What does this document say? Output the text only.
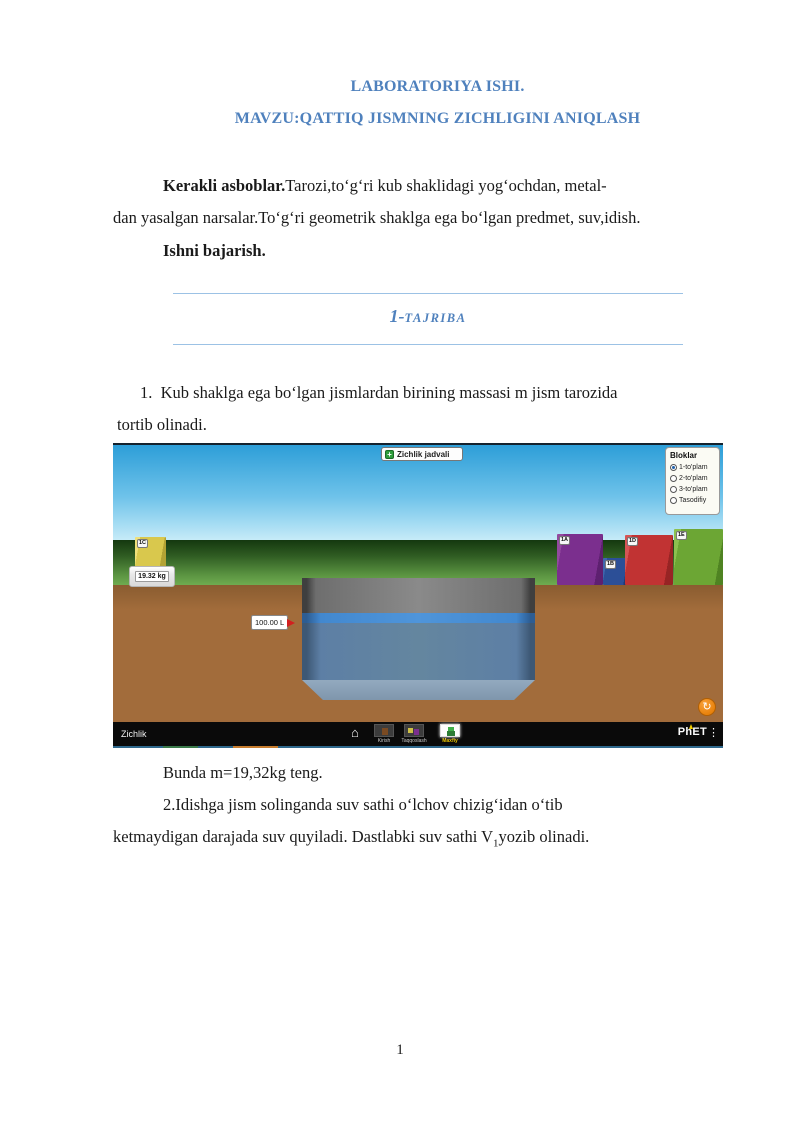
LABORATORIYA ISHI.
MAVZU:QATTIQ JISMNING ZICHLIGINI ANIQLASH
Kerakli asboblar.Tarozi,to‘g‘ri kub shaklidagi yog‘ochdan, metal-
dan yasalgan narsalar.To‘g‘ri geometrik shaklga ega bo‘lgan predmet, suv,idish.
Ishni bajarish.
1-TAJRIBA
1.  Kub shaklga ega bo‘lgan jismlardan birining massasi m jism tarozida
tortib olinadi.
+ Zichlik jadvali	Bloklar
1-to'plam
2-to'plam
3-to'plam
Tasodifiy
1C
19.32 kg
100.00 L
1A
1B
1D
1E
↻
Zichlik	⌂
Kirish	Taqqoslash	Maxfiy
PhET ⋮
Bunda m=19,32kg teng.
2.Idishga jism solinganda suv sathi o‘lchov chizig‘idan o‘tib
ketmaydigan darajada suv quyiladi. Dastlabki suv sathi $V_1yozib$ olinadi.
1
